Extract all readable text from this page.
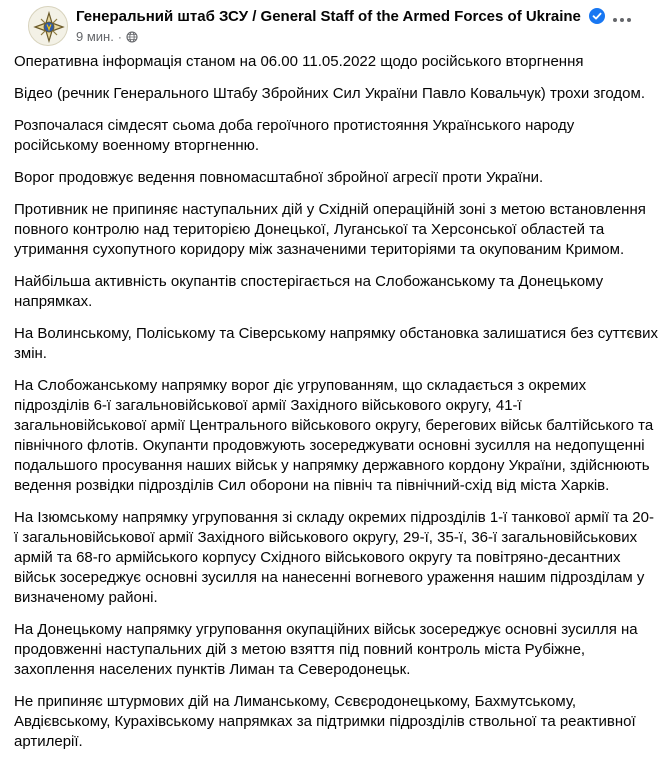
Генеральний штаб ЗСУ / General Staff of the Armed Forces of Ukraine
9 мин. ·

Оперативна інформація станом на 06.00 11.05.2022 щодо російського вторгнення

Відео (речник Генерального Штабу Збройних Сил України Павло Ковальчук) трохи згодом.

Розпочалася сімдесят сьома доба героїчного протистояння Українського народу російському военному вторгненню.

Ворог продовжує ведення повномасштабної збройної агресії проти України.

Противник не припиняє наступальних дій у Східній операційній зоні з метою встановлення повного контролю над територією Донецької, Луганської та Херсонської областей та утримання сухопутного коридору між зазначеними територіями та окупованим Кримом.

Найбільша активність окупантів спостерігається на Слобожанському та Донецькому напрямках.

На Волинському, Поліському та Сіверському напрямку обстановка залишатися без суттєвих змін.

На Слобожанському напрямку ворог діє угрупованням, що складається з окремих підрозділів 6-ї загальновійськової армії Західного військового округу, 41-ї загальновійськової армії Центрального військового округу, берегових військ балтійського та північного флотів. Окупанти продовжують зосереджувати основні зусилля на недопущенні подальшого просування наших військ у напрямку державного кордону України, здійснюють ведення розвідки підрозділів Сил оборони на північ та північний-схід від міста Харків.

На Ізюмському напрямку угруповання зі складу окремих підрозділів 1-ї танкової армії та 20-ї загальновійськової армії Західного військового округу, 29-ї, 35-ї, 36-ї загальновійськових армій та 68-го армійського корпусу Східного військового округу та повітряно-десантних військ зосереджує основні зусилля на нанесенні вогневого ураження нашим підрозділам у визначеному районі.

На Донецькому напрямку угруповання окупаційних військ зосереджує основні зусилля на продовженні наступальних дій з метою взяття під повний контроль міста Рубіжне, захоплення населених пунктів Лиман та Северодонецьк.

Не припиняє штурмових дій на Лиманському, Сєвєродонецькому, Бахмутському, Авдієвському, Курахівському напрямках за підтримки підрозділів ствольної та реактивної артилерії.
